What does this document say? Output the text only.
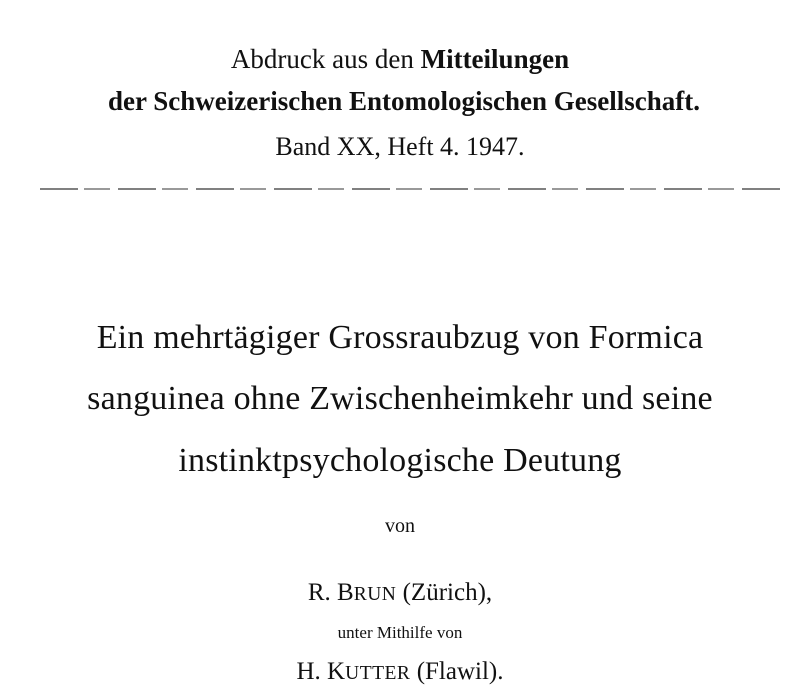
Abdruck aus den Mitteilungen
der Schweizerischen Entomologischen Gesellschaft.
Band XX, Heft 4. 1947.
Ein mehrtägiger Grossraubzug von Formica
sanguinea ohne Zwischenheimkehr und seine
instinktpsychologische Deutung
von
R. BRUN (Zürich),
unter Mithilfe von
H. KUTTER (Flawil).
